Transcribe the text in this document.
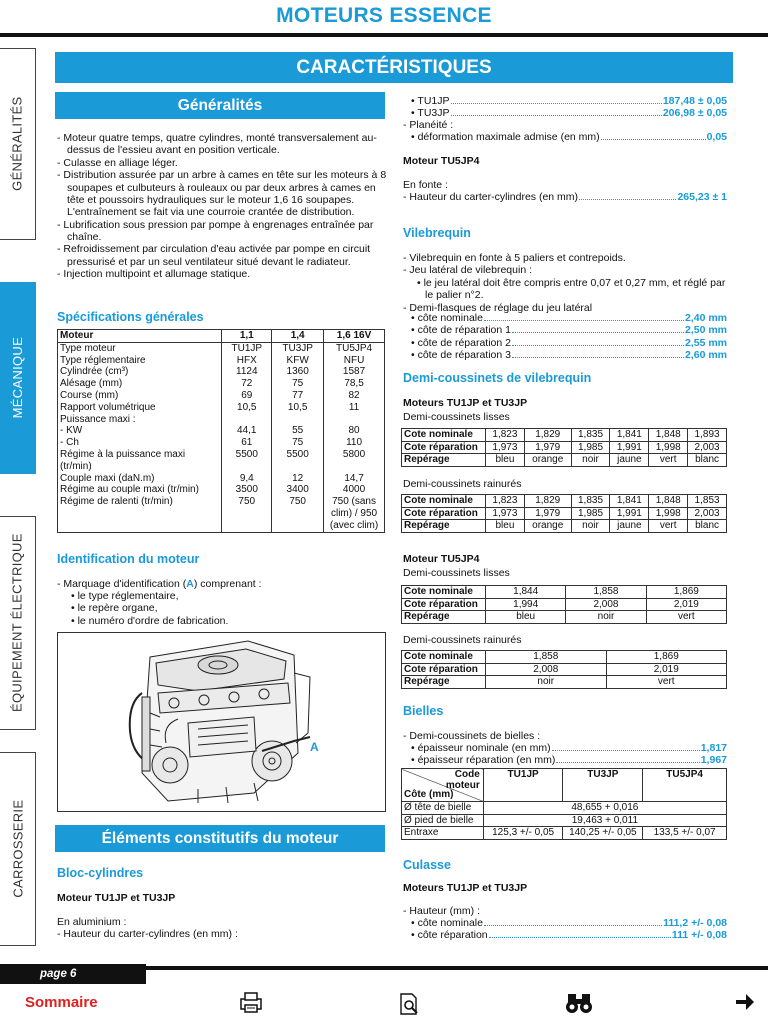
MOTEURS ESSENCE
GÉNÉRALITÉS
MÉCANIQUE
ÉQUIPEMENT ÉLECTRIQUE
CARROSSERIE
CARACTÉRISTIQUES
Généralités
- Moteur quatre temps, quatre cylindres, monté transversalement au-dessus de l'essieu avant en position verticale.
- Culasse en alliage léger.
- Distribution assurée par un arbre à cames en tête sur les moteurs à 8 soupapes et culbuteurs à rouleaux ou par deux arbres à cames en tête et poussoirs hydrauliques sur le moteur 1,6 16 soupapes. L'entraînement se fait via une courroie crantée de distribution.
- Lubrification sous pression par pompe à engrenages entraînée par chaîne.
- Refroidissement par circulation d'eau activée par pompe en circuit pressurisé et par un seul ventilateur situé devant le radiateur.
- Injection multipoint et allumage statique.
Spécifications générales
Moteur	1,1	1,4	1,6 16V
Type moteur	TU1JP	TU3JP	TU5JP4
Type réglementaire	HFX	KFW	NFU
Cylindrée (cm³)	1124	1360	1587
Alésage (mm)	72	75	78,5
Course (mm)	69	77	82
Rapport volumétrique	10,5	10,5	11
Puissance maxi :			
- KW	44,1	55	80
- Ch	61	75	110
Régime à la puissance maxi (tr/min)	5500	5500	5800
Couple maxi (daN.m)	9,4	12	14,7
Régime au couple maxi (tr/min)	3500	3400	4000
Régime de ralenti (tr/min)	750	750	750 (sans clim) / 950 (avec clim)
Identification du moteur
- Marquage d'identification (A) comprenant :
• le type réglementaire,
• le repère organe,
• le numéro d'ordre de fabrication.
A
Éléments constitutifs du moteur
Bloc-cylindres
Moteur TU1JP et TU3JP
En aluminium :
- Hauteur du carter-cylindres (en mm) :
• TU1JP	187,48 ± 0,05
• TU3JP	206,98 ± 0,05
- Planéité :
• déformation maximale admise (en mm)	0,05
Moteur TU5JP4
En fonte :
- Hauteur du carter-cylindres (en mm)	265,23 ± 1
Vilebrequin
- Vilebrequin en fonte à 5 paliers et contrepoids.
- Jeu latéral de vilebrequin :
• le jeu latéral doit être compris entre 0,07 et 0,27 mm, et réglé par le palier n°2.
- Demi-flasques de réglage du jeu latéral
• côte nominale	2,40 mm
• côte de réparation 1	2,50 mm
• côte de réparation 2	2,55 mm
• côte de réparation 3	2,60 mm
Demi-coussinets de vilebrequin
Moteurs TU1JP et TU3JP
Demi-coussinets lisses
Cote nominale	1,823	1,829	1,835	1,841	1,848	1,893
Cote réparation	1,973	1,979	1,985	1,991	1,998	2,003
Repérage	bleu	orange	noir	jaune	vert	blanc
Demi-coussinets rainurés
Cote nominale	1,823	1,829	1,835	1,841	1,848	1,853
Cote réparation	1,973	1,979	1,985	1,991	1,998	2,003
Repérage	bleu	orange	noir	jaune	vert	blanc
Moteur TU5JP4
Demi-coussinets lisses
Cote nominale	1,844	1,858	1,869
Cote réparation	1,994	2,008	2,019
Repérage	bleu	noir	vert
Demi-coussinets rainurés
Cote nominale	1,858	1,869
Cote réparation	2,008	2,019
Repérage	noir	vert
Bielles
- Demi-coussinets de bielles :
• épaisseur nominale (en mm)	1,817
• épaisseur réparation (en mm)	1,967
Code
moteur
Côte (mm)	TU1JP	TU3JP	TU5JP4
Ø tête de bielle	48,655 + 0,016		
Ø pied de bielle	19,463 + 0,011		
Entraxe	125,3 +/- 0,05	140,25 +/- 0,05	133,5 +/- 0,07
Culasse
Moteurs TU1JP et TU3JP
- Hauteur (mm) :
• côte nominale	111,2 +/- 0,08
• côte réparation	111 +/- 0,08
page 6
Sommaire
